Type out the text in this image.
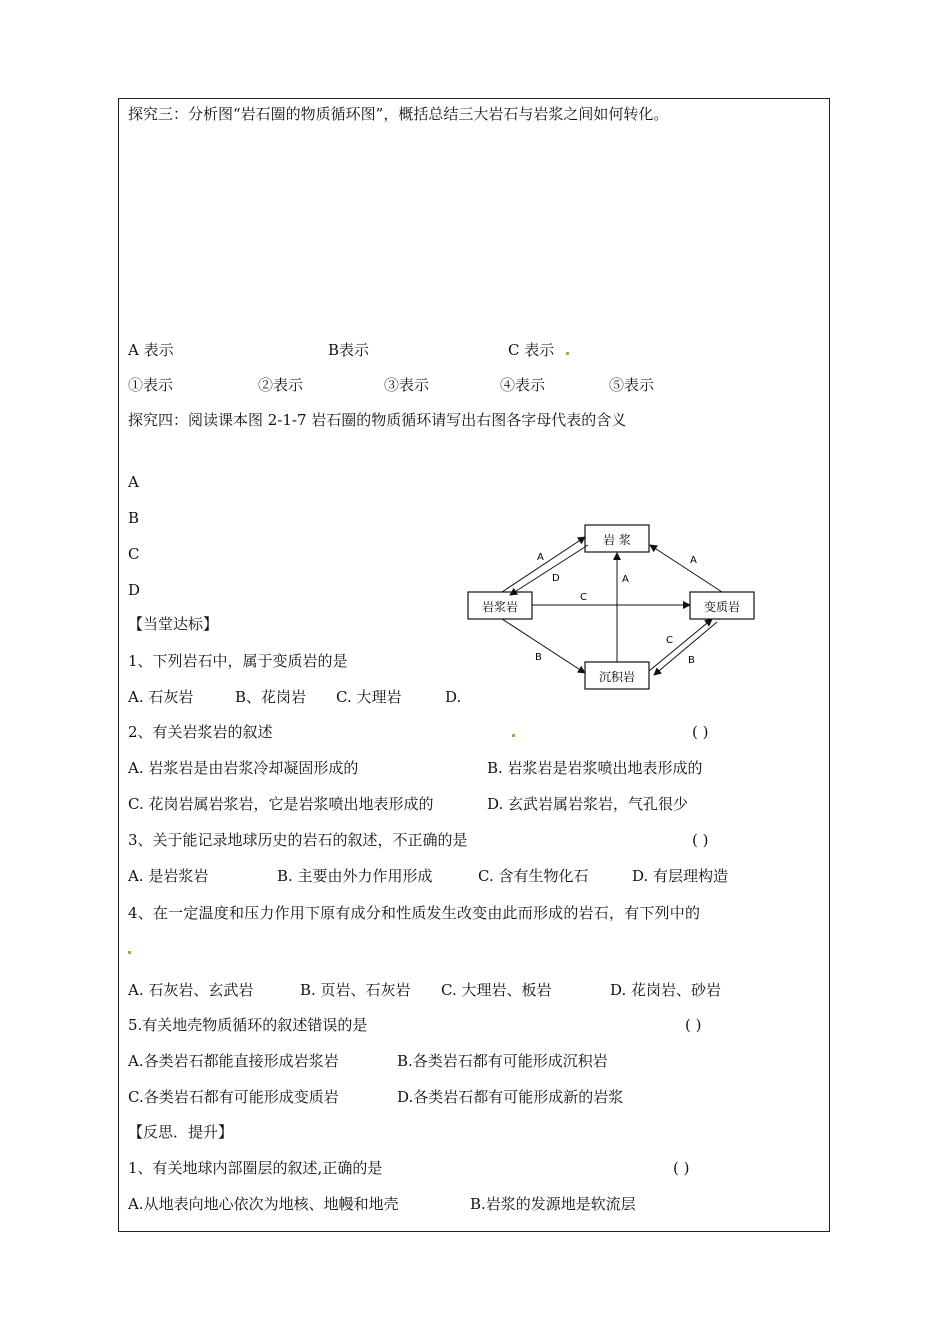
探究三：分析图“岩石圈的物质循环图”，概括总结三大岩石与岩浆之间如何转化。
A 表示	B表示	C 表示
①表示	②表示	③表示	④表示	⑤表示
探究四：阅读课本图 2-1-7 岩石圈的物质循环请写出右图各字母代表的含义
A
B
C
D
岩 浆
岩浆岩	变质岩
沉积岩
A
D	A
A
C
B
C
B
【当堂达标】
1、下列岩石中，属于变质岩的是
A. 石灰岩	B、花岗岩 C. 大理岩	D.
2、有关岩浆岩的叙述	( )
A. 岩浆岩是由岩浆冷却凝固形成的	B. 岩浆岩是岩浆喷出地表形成的
C. 花岗岩属岩浆岩，它是岩浆喷出地表形成的	D. 玄武岩属岩浆岩，气孔很少
3、关于能记录地球历史的岩石的叙述，不正确的是	( )
A. 是岩浆岩	B. 主要由外力作用形成	C. 含有生物化石	D. 有层理构造
4、在一定温度和压力作用下原有成分和性质发生改变由此而形成的岩石，有下列中的
A. 石灰岩、玄武岩	B. 页岩、石灰岩 C. 大理岩、板岩	D. 花岗岩、砂岩
5.有关地壳物质循环的叙述错误的是	( )
A.各类岩石都能直接形成岩浆岩	B.各类岩石都有可能形成沉积岩
C.各类岩石都有可能形成变质岩	D.各类岩石都有可能形成新的岩浆
【反思．提升】
1、有关地球内部圈层的叙述,正确的是	( )
A.从地表向地心依次为地核、地幔和地壳	B.岩浆的发源地是软流层
